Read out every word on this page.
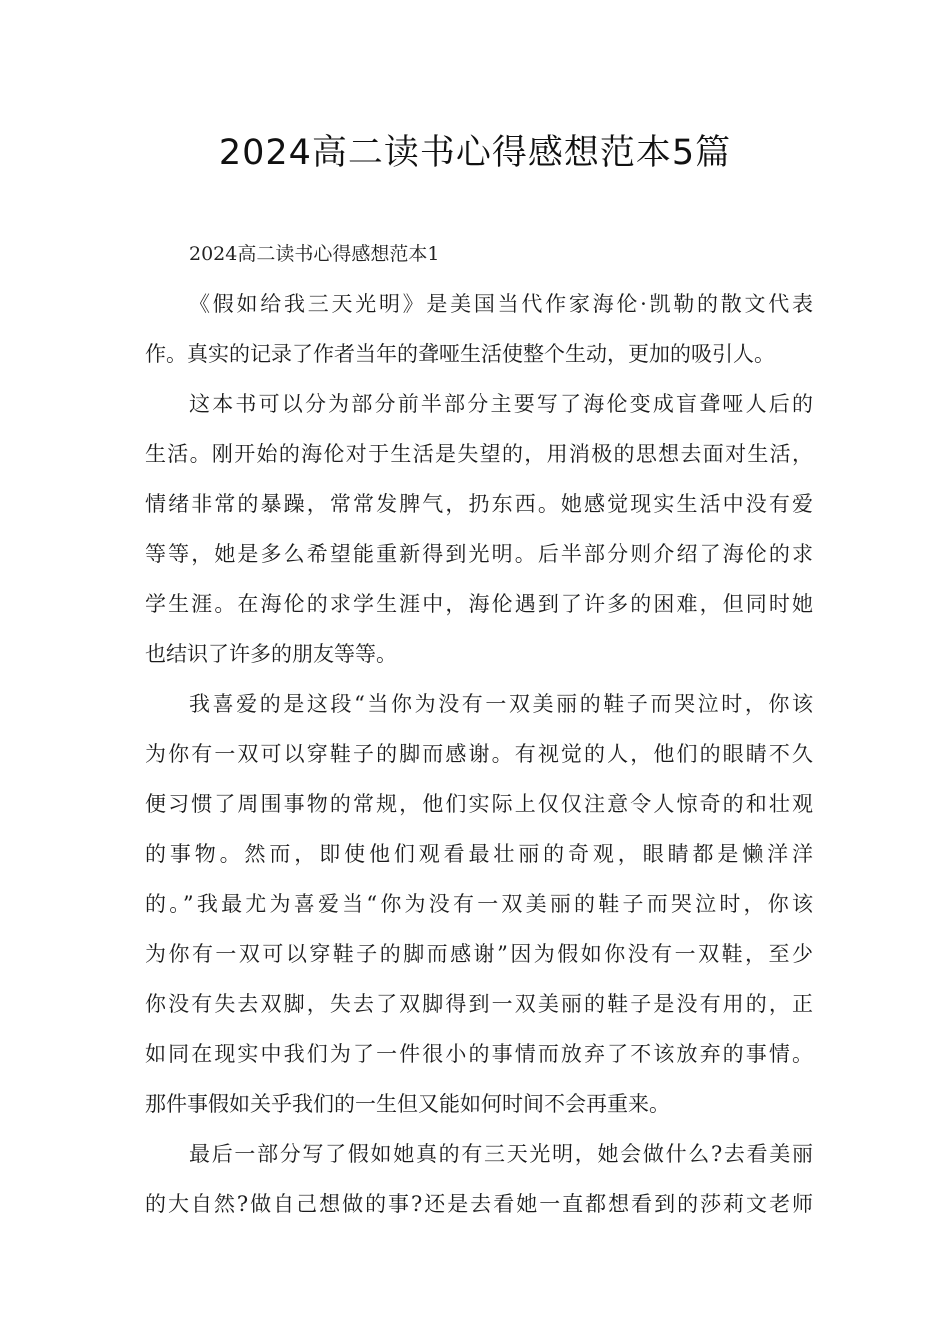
2024高二读书心得感想范本5篇

2024高二读书心得感想范本1

《假如给我三天光明》是美国当代作家海伦·凯勒的散文代表
作。真实的记录了作者当年的聋哑生活使整个生动，更加的吸引人。

这本书可以分为部分前半部分主要写了海伦变成盲聋哑人后的
生活。刚开始的海伦对于生活是失望的，用消极的思想去面对生活，
情绪非常的暴躁，常常发脾气，扔东西。她感觉现实生活中没有爱
等等，她是多么希望能重新得到光明。后半部分则介绍了海伦的求
学生涯。在海伦的求学生涯中，海伦遇到了许多的困难，但同时她
也结识了许多的朋友等等。

我喜爱的是这段“当你为没有一双美丽的鞋子而哭泣时，你该
为你有一双可以穿鞋子的脚而感谢。有视觉的人，他们的眼睛不久
便习惯了周围事物的常规，他们实际上仅仅注意令人惊奇的和壮观
的事物。然而，即使他们观看最壮丽的奇观，眼睛都是懒洋洋
的。”我最尤为喜爱当“你为没有一双美丽的鞋子而哭泣时，你该
为你有一双可以穿鞋子的脚而感谢”因为假如你没有一双鞋，至少
你没有失去双脚，失去了双脚得到一双美丽的鞋子是没有用的，正
如同在现实中我们为了一件很小的事情而放弃了不该放弃的事情。
那件事假如关乎我们的一生但又能如何时间不会再重来。

最后一部分写了假如她真的有三天光明，她会做什么?去看美丽
的大自然?做自己想做的事?还是去看她一直都想看到的莎莉文老师
